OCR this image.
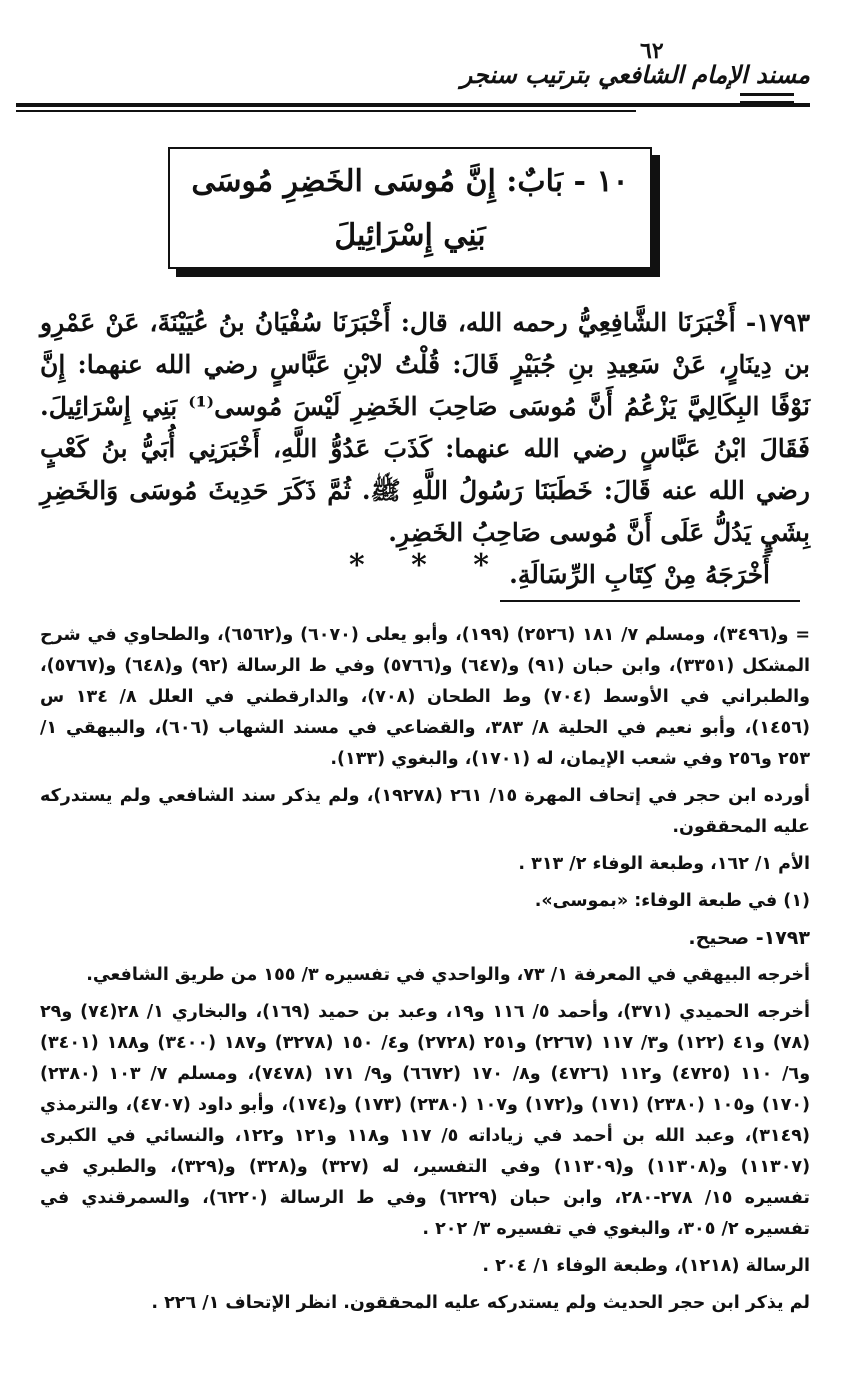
مسند الإمام الشافعي بترتيب سنجر
٦٢
١٠ - بَابٌ: إِنَّ مُوسَى الخَضِرِ مُوسَى بَنِي إِسْرَائِيلَ

١٧٩٣- أَخْبَرَنَا الشَّافِعِيُّ رحمه الله، قال: أَخْبَرَنَا سُفْيَانُ بنُ عُيَيْنَةَ، عَنْ عَمْرِو بن دِينَارٍ، عَنْ سَعِيدِ بنِ جُبَيْرٍ قَالَ: قُلْتُ لابْنِ عَبَّاسٍ رضي الله عنهما: إِنَّ نَوْفًا البِكَالِيَّ يَزْعُمُ أَنَّ مُوسَى صَاحِبَ الخَضِرِ لَيْسَ مُوسى⁽¹⁾ بَنِي إِسْرَائِيلَ. فَقَالَ ابْنُ عَبَّاسٍ رضي الله عنهما: كَذَبَ عَدُوُّ اللَّهِ، أَخْبَرَنِي أُبَيُّ بنُ كَعْبٍ رضي الله عنه قَالَ: خَطَبَنَا رَسُولُ اللَّهِ ﷺ. ثُمَّ ذَكَرَ حَدِيثَ مُوسَى وَالخَضِرِ بِشَيٍ يَدُلُّ عَلَى أَنَّ مُوسى صَاحِبُ الخَضِرِ.

أَخْرَجَهُ مِنْ كِتَابِ الرِّسَالَةِ.

* * *

= و(٣٤٩٦)، ومسلم ٧/ ١٨١ (٢٥٢٦) (١٩٩)، وأبو يعلى (٦٠٧٠) و(٦٥٦٢)، والطحاوي في شرح المشكل (٣٣٥١)، وابن حبان (٩١) و(٦٤٧) و(٥٧٦٦) وفي ط الرسالة (٩٢) و(٦٤٨) و(٥٧٦٧)، والطبراني في الأوسط (٧٠٤) وط الطحان (٧٠٨)، والدارقطني في العلل ٨/ ١٣٤ س (١٤٥٦)، وأبو نعيم في الحلية ٨/ ٣٨٣، والقضاعي في مسند الشهاب (٦٠٦)، والبيهقي ١/ ٢٥٣ و٢٥٦ وفي شعب الإيمان، له (١٧٠١)، والبغوي (١٣٣).

أورده ابن حجر في إتحاف المهرة ١٥/ ٢٦١ (١٩٢٧٨)، ولم يذكر سند الشافعي ولم يستدركه عليه المحققون.

الأم ١/ ١٦٢، وطبعة الوفاء ٢/ ٣١٣ .

(١) في طبعة الوفاء: «بموسى».

١٧٩٣- صحيح.

أخرجه البيهقي في المعرفة ١/ ٧٣، والواحدي في تفسيره ٣/ ١٥٥ من طريق الشافعي.

أخرجه الحميدي (٣٧١)، وأحمد ٥/ ١١٦ و١٩، وعبد بن حميد (١٦٩)، والبخاري ١/ ٢٨(٧٤) و٢٩ (٧٨) و٤١ (١٢٢) و٣/ ١١٧ (٢٢٦٧) و٢٥١ (٢٧٢٨) و٤/ ١٥٠ (٣٢٧٨) و١٨٧ (٣٤٠٠) و١٨٨ (٣٤٠١) و٦/ ١١٠ (٤٧٢٥) و١١٢ (٤٧٢٦) و٨/ ١٧٠ (٦٦٧٢) و٩/ ١٧١ (٧٤٧٨)، ومسلم ٧/ ١٠٣ (٢٣٨٠) (١٧٠) و١٠٥ (٢٣٨٠) (١٧١) و(١٧٢) و١٠٧ (٢٣٨٠) (١٧٣) و(١٧٤)، وأبو داود (٤٧٠٧)، والترمذي (٣١٤٩)، وعبد الله بن أحمد في زياداته ٥/ ١١٧ و١١٨ و١٢١ و١٢٢، والنسائي في الكبرى (١١٣٠٧) و(١١٣٠٨) و(١١٣٠٩) وفي التفسير، له (٣٢٧) و(٣٢٨) و(٣٢٩)، والطبري في تفسيره ١٥/ ٢٧٨-٢٨٠، وابن حبان (٦٢٢٩) وفي ط الرسالة (٦٢٢٠)، والسمرقندي في تفسيره ٢/ ٣٠٥، والبغوي في تفسيره ٣/ ٢٠٢ .

الرسالة (١٢١٨)، وطبعة الوفاء ١/ ٢٠٤ .

لم يذكر ابن حجر الحديث ولم يستدركه عليه المحققون. انظر الإتحاف ١/ ٢٢٦ .
